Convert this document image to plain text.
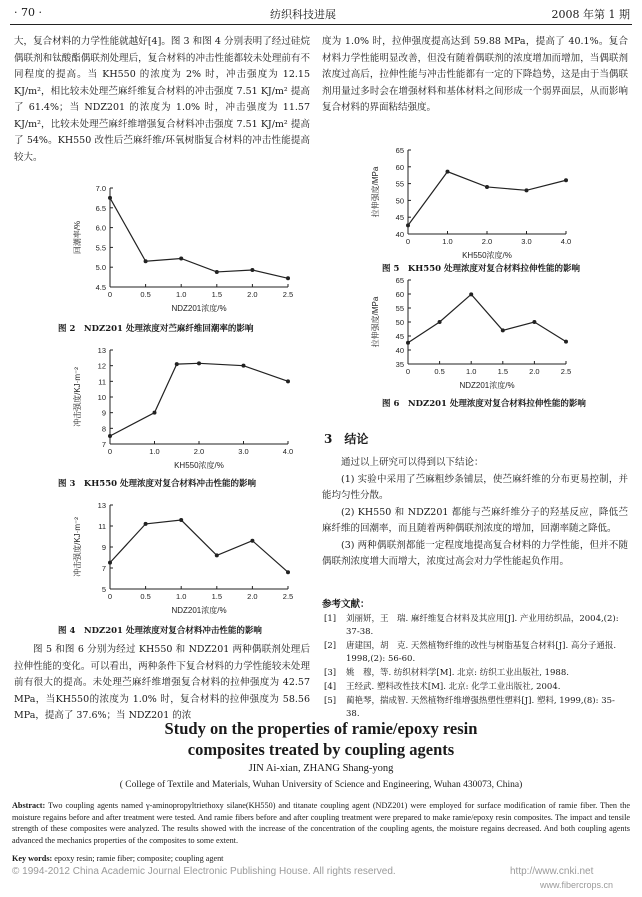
· 70 ·	纺织科技进展	2008 年第 1 期

大，复合材料的力学性能就越好[4]。图 3 和图 4 分别表明了经过硅烷偶联剂和钛酸酯偶联剂处理后，复合材料的冲击性能都较未处理前有不同程度的提高。当 KH550 的浓度为 2% 时，冲击强度为 12.15 KJ/m²，相比较未处理苎麻纤维复合材料的冲击强度 7.51 KJ/m² 提高了 61.4%；当 NDZ201 的浓度为 1.0% 时，冲击强度为 11.57 KJ/m²，比较未处理苎麻纤维增强复合材料冲击强度 7.51 KJ/m² 提高了 54%。KH550 改性后苎麻纤维/环氧树脂复合材料的冲击性能提高较大。

4.5
5.0
5.5
6.0
6.5
7.0
0	0.5	1.0	1.5	2.0	2.5
NDZ201浓度/%
回潮率/%
图 2　NDZ201 处理浓度对苎麻纤维回潮率的影响
7
8
9
10
11
12
13
0	1.0	2.0	3.0	4.0
KH550浓度/%
冲击强度/KJ·m⁻²
图 3　KH550 处理浓度对复合材料冲击性能的影响
5
7
9
11
13
0	0.5	1.0	1.5	2.0	2.5
NDZ201浓度/%
冲击强度/KJ·m⁻²
图 4　NDZ201 处理浓度对复合材料冲击性能的影响

图 5 和图 6 分别为经过 KH550 和 NDZ201 两种偶联剂处理后拉伸性能的变化。可以看出，两种条件下复合材料的力学性能较未处理前有很大的提高。未处理苎麻纤维增强复合材料的拉伸强度为 42.57 MPa，当KH550的浓度为 1.0% 时，复合材料的拉伸强度为 58.56 MPa，提高了 37.6%；当 NDZ201 的浓

度为 1.0% 时，拉伸强度提高达到 59.88 MPa，提高了 40.1%。复合材料力学性能明显改善，但没有随着偶联剂的浓度增加而增加，当偶联剂浓度过高后，拉伸性能与冲击性能都有一定的下降趋势，这是由于当偶联剂用量过多时会在增强材料和基体材料之间形成一个弱界面层，从而影响复合材料的界面粘结强度。

40
45
50
55
60
65
0	1.0	2.0	3.0	4.0
KH550浓度/%
拉伸强度/MPa
图 5　KH550 处理浓度对复合材料拉伸性能的影响
35
40
45
50
55
60
65
0	0.5	1.0	1.5	2.0	2.5
NDZ201浓度/%
拉伸强度/MPa
图 6　NDZ201 处理浓度对复合材料拉伸性能的影响
3　结论

通过以上研究可以得到以下结论：

(1) 实验中采用了苎麻粗纱条铺层，使苎麻纤维的分布更易控制，并能均匀性分散。

(2) KH550 和 NDZ201 都能与苎麻纤维分子的羟基反应，降低苎麻纤维的回潮率，而且随着两种偶联剂浓度的增加，回潮率随之降低。

(3) 两种偶联剂都能一定程度地提高复合材料的力学性能，但并不随偶联剂浓度增大而增大，浓度过高会对力学性能起负作用。

参考文献：
[1]	刘丽妍，王　瑞. 麻纤维复合材料及其应用[J]. 产业用纺织品，2004,(2): 37-38.
[2]	唐建国，胡　克. 天然植物纤维的改性与树脂基复合材料[J]. 高分子通报. 1998,(2): 56-60.
[3]	姚　穆，等. 纺织材料学[M]. 北京: 纺织工业出版社, 1988.
[4]	王经武. 塑料改性技术[M]. 北京: 化学工业出版社, 2004.
[5]	蔺艳琴，揣成智. 天然植物纤维增强热塑性塑料[J]. 塑料, 1999,(8): 35-38.
Study on the properties of ramie/epoxy resin
composites treated by coupling agents
JIN Ai-xian, ZHANG Shang-yong
( College of Textile and Materials, Wuhan University of Science and Engineering, Wuhan 430073, China)
Abstract: Two coupling agents named γ-aminopropyltriethoxy silane(KH550) and titanate coupling agent (NDZ201) were employed for surface modification of ramie fiber. Then the moisture regains before and after treatment were tested. And ramie fibers before and after coupling treatment were prepared to make ramie/epoxy resin composites. The impact and tensile strength of these composites were analyzed. The results showed with the increase of the concentration of the coupling agents, the moisture regains decreased. And both coupling agents advanced the mechanics properties of the composites to some extent.
Key words: epoxy resin; ramie fiber; composite; coupling agent
© 1994-2012 China Academic Journal Electronic Publishing House. All rights reserved.	http://www.cnki.net
www.fibercrops.cn
